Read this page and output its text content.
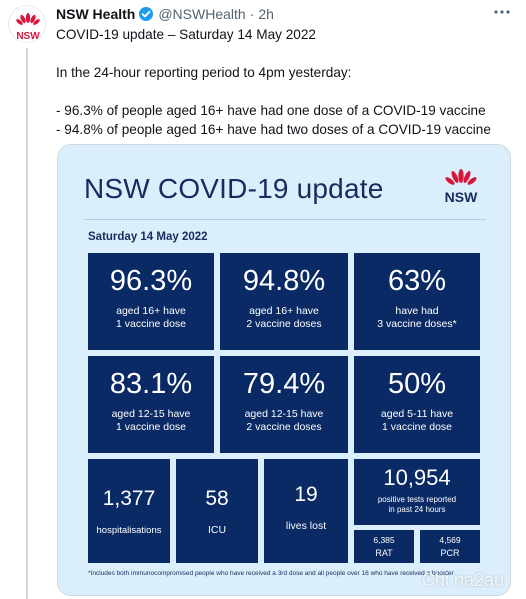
NSW
NSW Health @NSWHealth · 2h

COVID-19 update – Saturday 14 May 2022

In the 24-hour reporting period to 4pm yesterday:

- 96.3% of people aged 16+ have had one dose of a COVID-19 vaccine

- 94.8% of people aged 16+ have had two doses of a COVID-19 vaccine

NSW COVID-19 update	NSW
Saturday 14 May 2022
96.3%
aged 16+ have
1 vaccine dose
94.8%
aged 16+ have
2 vaccine doses
63%
have had
3 vaccine doses*
83.1%
aged 12-15 have
1 vaccine dose
79.4%
aged 12-15 have
2 vaccine doses
50%
aged 5-11 have
1 vaccine dose
1,377
hospitalisations
58
ICU
19
lives lost
10,954
positive tests reported
in past 24 hours
6,385
RAT
4,569
PCR
*Includes both immunocompromised people who have received a 3rd dose and all people over 16 who have received a booster
Chi na2au
